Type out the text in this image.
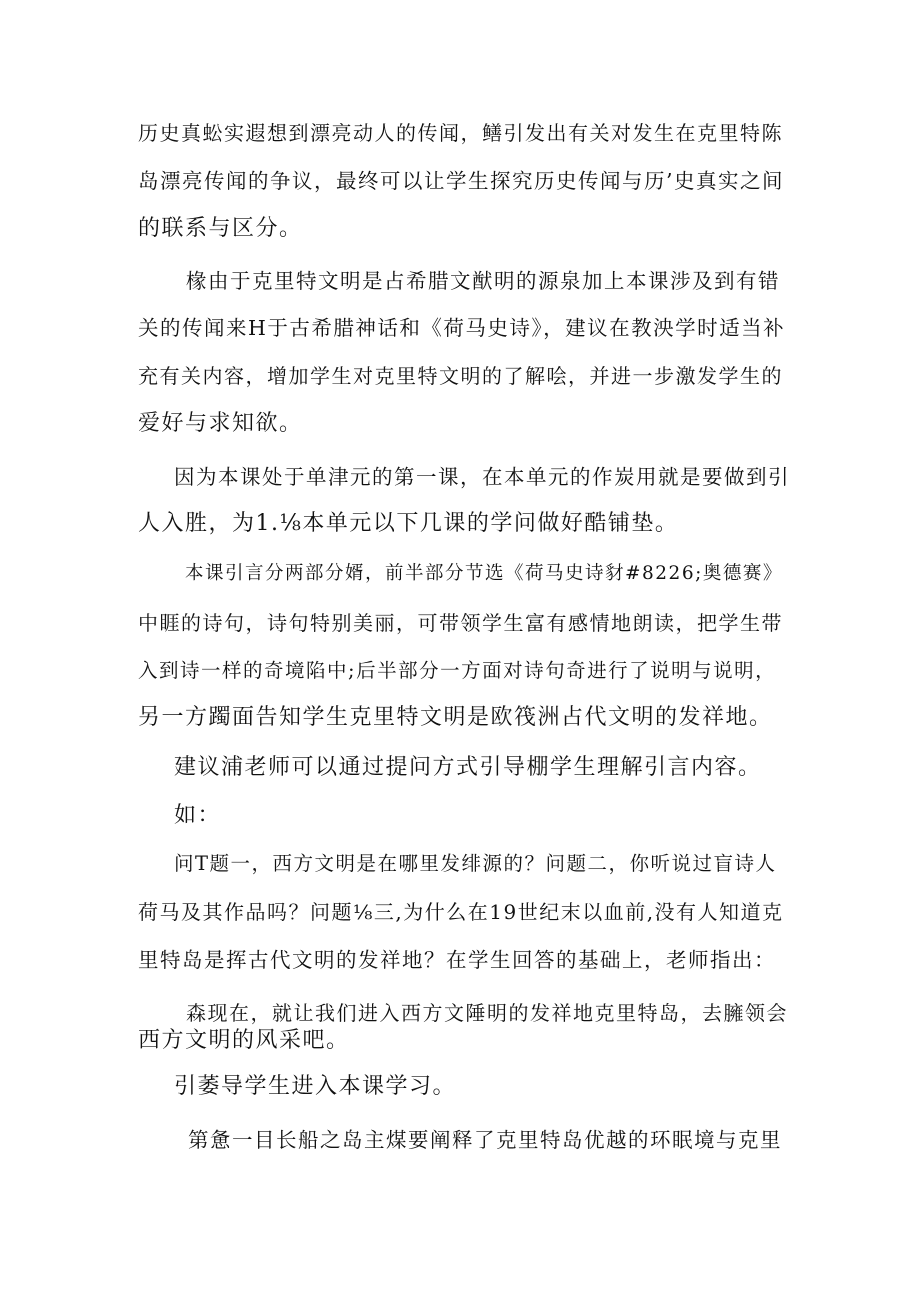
历史真蚣实遐想到漂亮动人的传闻，鳝引发出有关对发生在克里特陈
岛漂亮传闻的争议，最终可以让学生探究历史传闻与历’史真实之间
的联系与区分。
椽由于克里特文明是占希腊文猷明的源泉加上本课涉及到有错
关的传闻来H于古希腊神话和《荷马史诗》，建议在教泱学时适当补
充有关内容，增加学生对克里特文明的了解哙，并进一步激发学生的
爱好与求知欲。
因为本课处于单津元的第一课，在本单元的作炭用就是要做到引
人入胜，为1.⅛本单元以下几课的学问做好酷铺垫。
本课引言分两部分婿，前半部分节选《荷马史诗豺#8226;奥德赛》
中睚的诗句，诗句特别美丽，可带领学生富有感情地朗读，把学生带
入到诗一样的奇境陷中;后半部分一方面对诗句奇进行了说明与说明，
另一方躅面告知学生克里特文明是欧筏洲占代文明的发祥地。
建议浦老师可以通过提问方式引导棚学生理解引言内容。
如：
问T题一，西方文明是在哪里发绯源的？问题二，你听说过盲诗人
荷马及其作品吗？问题⅛三,为什么在19世纪末以血前,没有人知道克
里特岛是挥古代文明的发祥地？在学生回答的基础上，老师指出：
森现在，就让我们进入西方文陲明的发祥地克里特岛，去臃领会
西方文明的风采吧。
引萎导学生进入本课学习。
第惫一目长船之岛主煤要阐释了克里特岛优越的环眠境与克里
